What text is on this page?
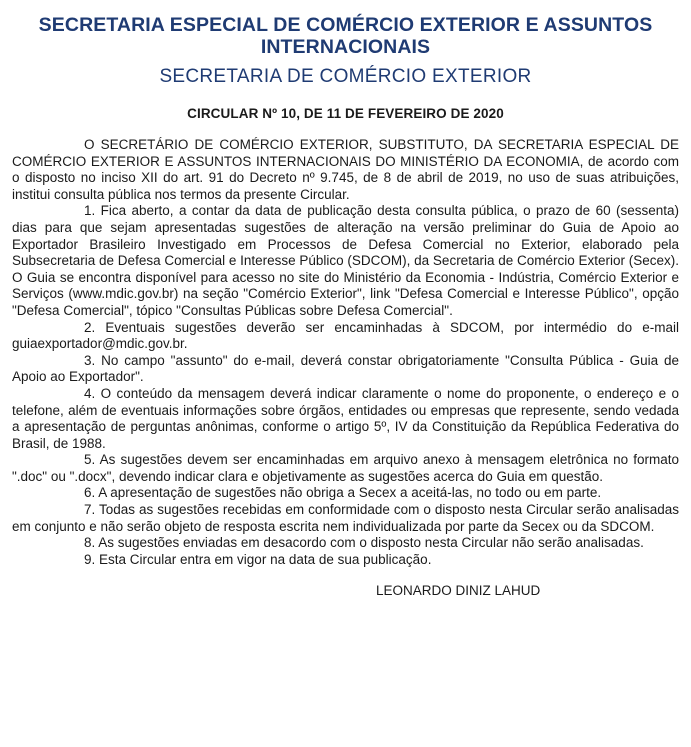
SECRETARIA ESPECIAL DE COMÉRCIO EXTERIOR E ASSUNTOS INTERNACIONAIS
SECRETARIA DE COMÉRCIO EXTERIOR
CIRCULAR Nº 10, DE 11 DE FEVEREIRO DE 2020

O SECRETÁRIO DE COMÉRCIO EXTERIOR, SUBSTITUTO, DA SECRETARIA ESPECIAL DE COMÉRCIO EXTERIOR E ASSUNTOS INTERNACIONAIS DO MINISTÉRIO DA ECONOMIA, de acordo com o disposto no inciso XII do art. 91 do Decreto nº 9.745, de 8 de abril de 2019, no uso de suas atribuições, institui consulta pública nos termos da presente Circular.

1. Fica aberto, a contar da data de publicação desta consulta pública, o prazo de 60 (sessenta) dias para que sejam apresentadas sugestões de alteração na versão preliminar do Guia de Apoio ao Exportador Brasileiro Investigado em Processos de Defesa Comercial no Exterior, elaborado pela Subsecretaria de Defesa Comercial e Interesse Público (SDCOM), da Secretaria de Comércio Exterior (Secex). O Guia se encontra disponível para acesso no site do Ministério da Economia - Indústria, Comércio Exterior e Serviços (www.mdic.gov.br) na seção "Comércio Exterior", link "Defesa Comercial e Interesse Público", opção "Defesa Comercial", tópico "Consultas Públicas sobre Defesa Comercial".

2. Eventuais sugestões deverão ser encaminhadas à SDCOM, por intermédio do e-mail guiaexportador@mdic.gov.br.

3. No campo "assunto" do e-mail, deverá constar obrigatoriamente "Consulta Pública - Guia de Apoio ao Exportador".

4. O conteúdo da mensagem deverá indicar claramente o nome do proponente, o endereço e o telefone, além de eventuais informações sobre órgãos, entidades ou empresas que represente, sendo vedada a apresentação de perguntas anônimas, conforme o artigo 5º, IV da Constituição da República Federativa do Brasil, de 1988.

5. As sugestões devem ser encaminhadas em arquivo anexo à mensagem eletrônica no formato ".doc" ou ".docx", devendo indicar clara e objetivamente as sugestões acerca do Guia em questão.

6. A apresentação de sugestões não obriga a Secex a aceitá-las, no todo ou em parte.

7. Todas as sugestões recebidas em conformidade com o disposto nesta Circular serão analisadas em conjunto e não serão objeto de resposta escrita nem individualizada por parte da Secex ou da SDCOM.

8. As sugestões enviadas em desacordo com o disposto nesta Circular não serão analisadas.

9. Esta Circular entra em vigor na data de sua publicação.

LEONARDO DINIZ LAHUD
